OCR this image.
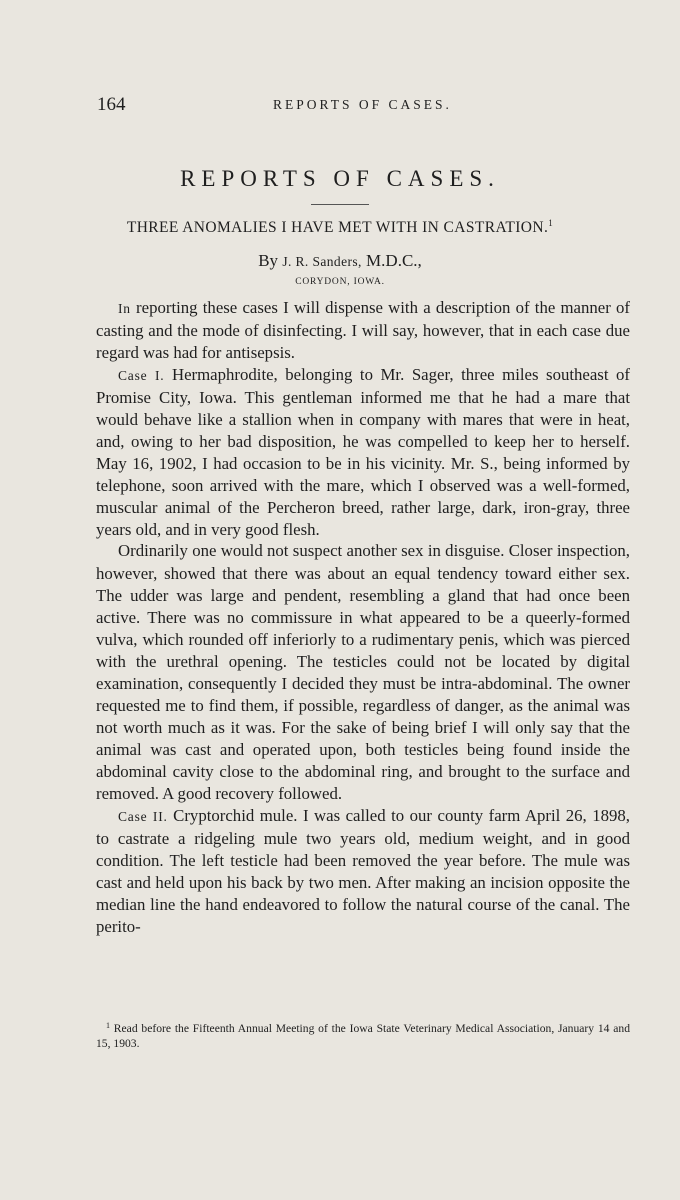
164	REPORTS OF CASES.
REPORTS OF CASES.
THREE ANOMALIES I HAVE MET WITH IN CASTRATION.$^1$
By J. R. Sanders, M.D.C.,
CORYDON, IOWA.

In reporting these cases I will dispense with a description of the manner of casting and the mode of disinfecting. I will say, however, that in each case due regard was had for antisepsis.

Case I. Hermaphrodite, belonging to Mr. Sager, three miles southeast of Promise City, Iowa. This gentleman informed me that he had a mare that would behave like a stallion when in company with mares that were in heat, and, owing to her bad disposition, he was compelled to keep her to herself. May 16, 1902, I had occasion to be in his vicinity. Mr. S., being informed by telephone, soon arrived with the mare, which I observed was a well-formed, muscular animal of the Percheron breed, rather large, dark, iron-gray, three years old, and in very good flesh.

Ordinarily one would not suspect another sex in disguise. Closer inspection, however, showed that there was about an equal tendency toward either sex. The udder was large and pendent, resembling a gland that had once been active. There was no commissure in what appeared to be a queerly-formed vulva, which rounded off inferiorly to a rudimentary penis, which was pierced with the urethral opening. The testicles could not be located by digital examination, consequently I decided they must be intra-abdominal. The owner requested me to find them, if possible, regardless of danger, as the animal was not worth much as it was. For the sake of being brief I will only say that the animal was cast and operated upon, both testicles being found inside the abdominal cavity close to the abdominal ring, and brought to the surface and removed. A good recovery followed.

Case II. Cryptorchid mule. I was called to our county farm April 26, 1898, to castrate a ridgeling mule two years old, medium weight, and in good condition. The left testicle had been removed the year before. The mule was cast and held upon his back by two men. After making an incision opposite the median line the hand endeavored to follow the natural course of the canal. The perito-

$^1$ Read before the Fifteenth Annual Meeting of the Iowa State Veterinary Medical Association, January 14 and 15, 1903.
